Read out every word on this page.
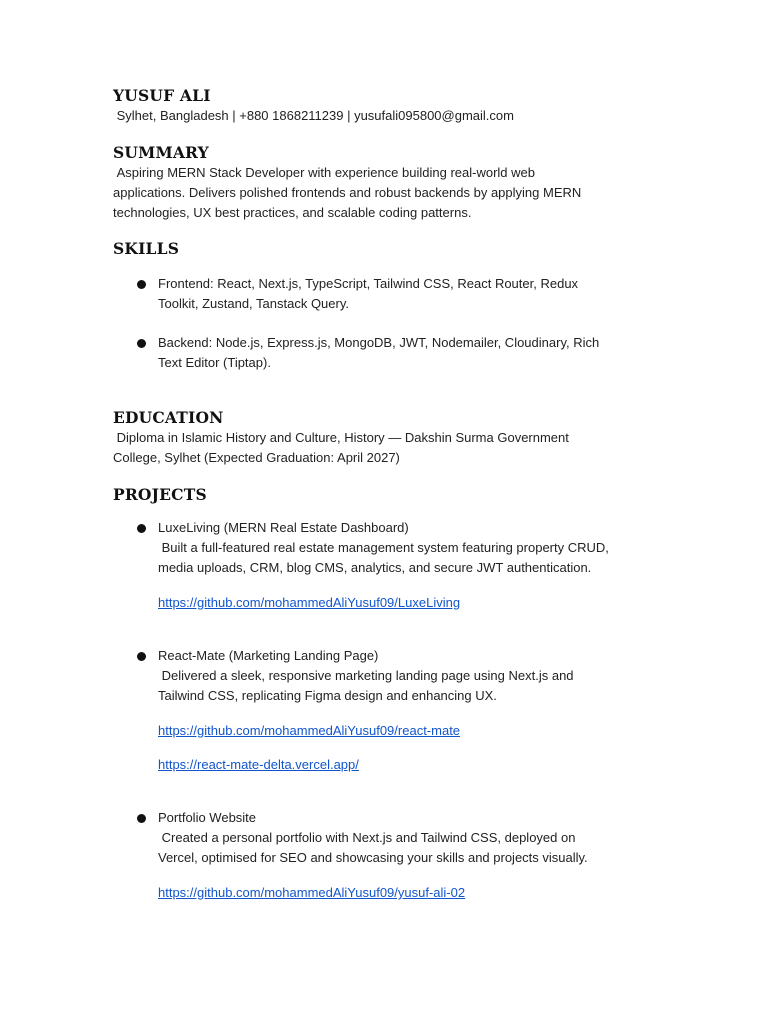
YUSUF ALI

Sylhet, Bangladesh | +880 1868211239 | yusufali095800@gmail.com

SUMMARY

Aspiring MERN Stack Developer with experience building real-world web
applications. Delivers polished frontends and robust backends by applying MERN
technologies, UX best practices, and scalable coding patterns.

SKILLS

Frontend: React, Next.js, TypeScript, Tailwind CSS, React Router, Redux
Toolkit, Zustand, Tanstack Query.

Backend: Node.js, Express.js, MongoDB, JWT, Nodemailer, Cloudinary, Rich
Text Editor (Tiptap).

EDUCATION

Diploma in Islamic History and Culture, History — Dakshin Surma Government
College, Sylhet (Expected Graduation: April 2027)

PROJECTS

LuxeLiving (MERN Real Estate Dashboard)
Built a full-featured real estate management system featuring property CRUD,
media uploads, CRM, blog CMS, analytics, and secure JWT authentication.

https://github.com/mohammedAliYusuf09/LuxeLiving

React-Mate (Marketing Landing Page)
Delivered a sleek, responsive marketing landing page using Next.js and
Tailwind CSS, replicating Figma design and enhancing UX.

https://github.com/mohammedAliYusuf09/react-mate
https://react-mate-delta.vercel.app/

Portfolio Website
Created a personal portfolio with Next.js and Tailwind CSS, deployed on
Vercel, optimised for SEO and showcasing your skills and projects visually.

https://github.com/mohammedAliYusuf09/yusuf-ali-02
